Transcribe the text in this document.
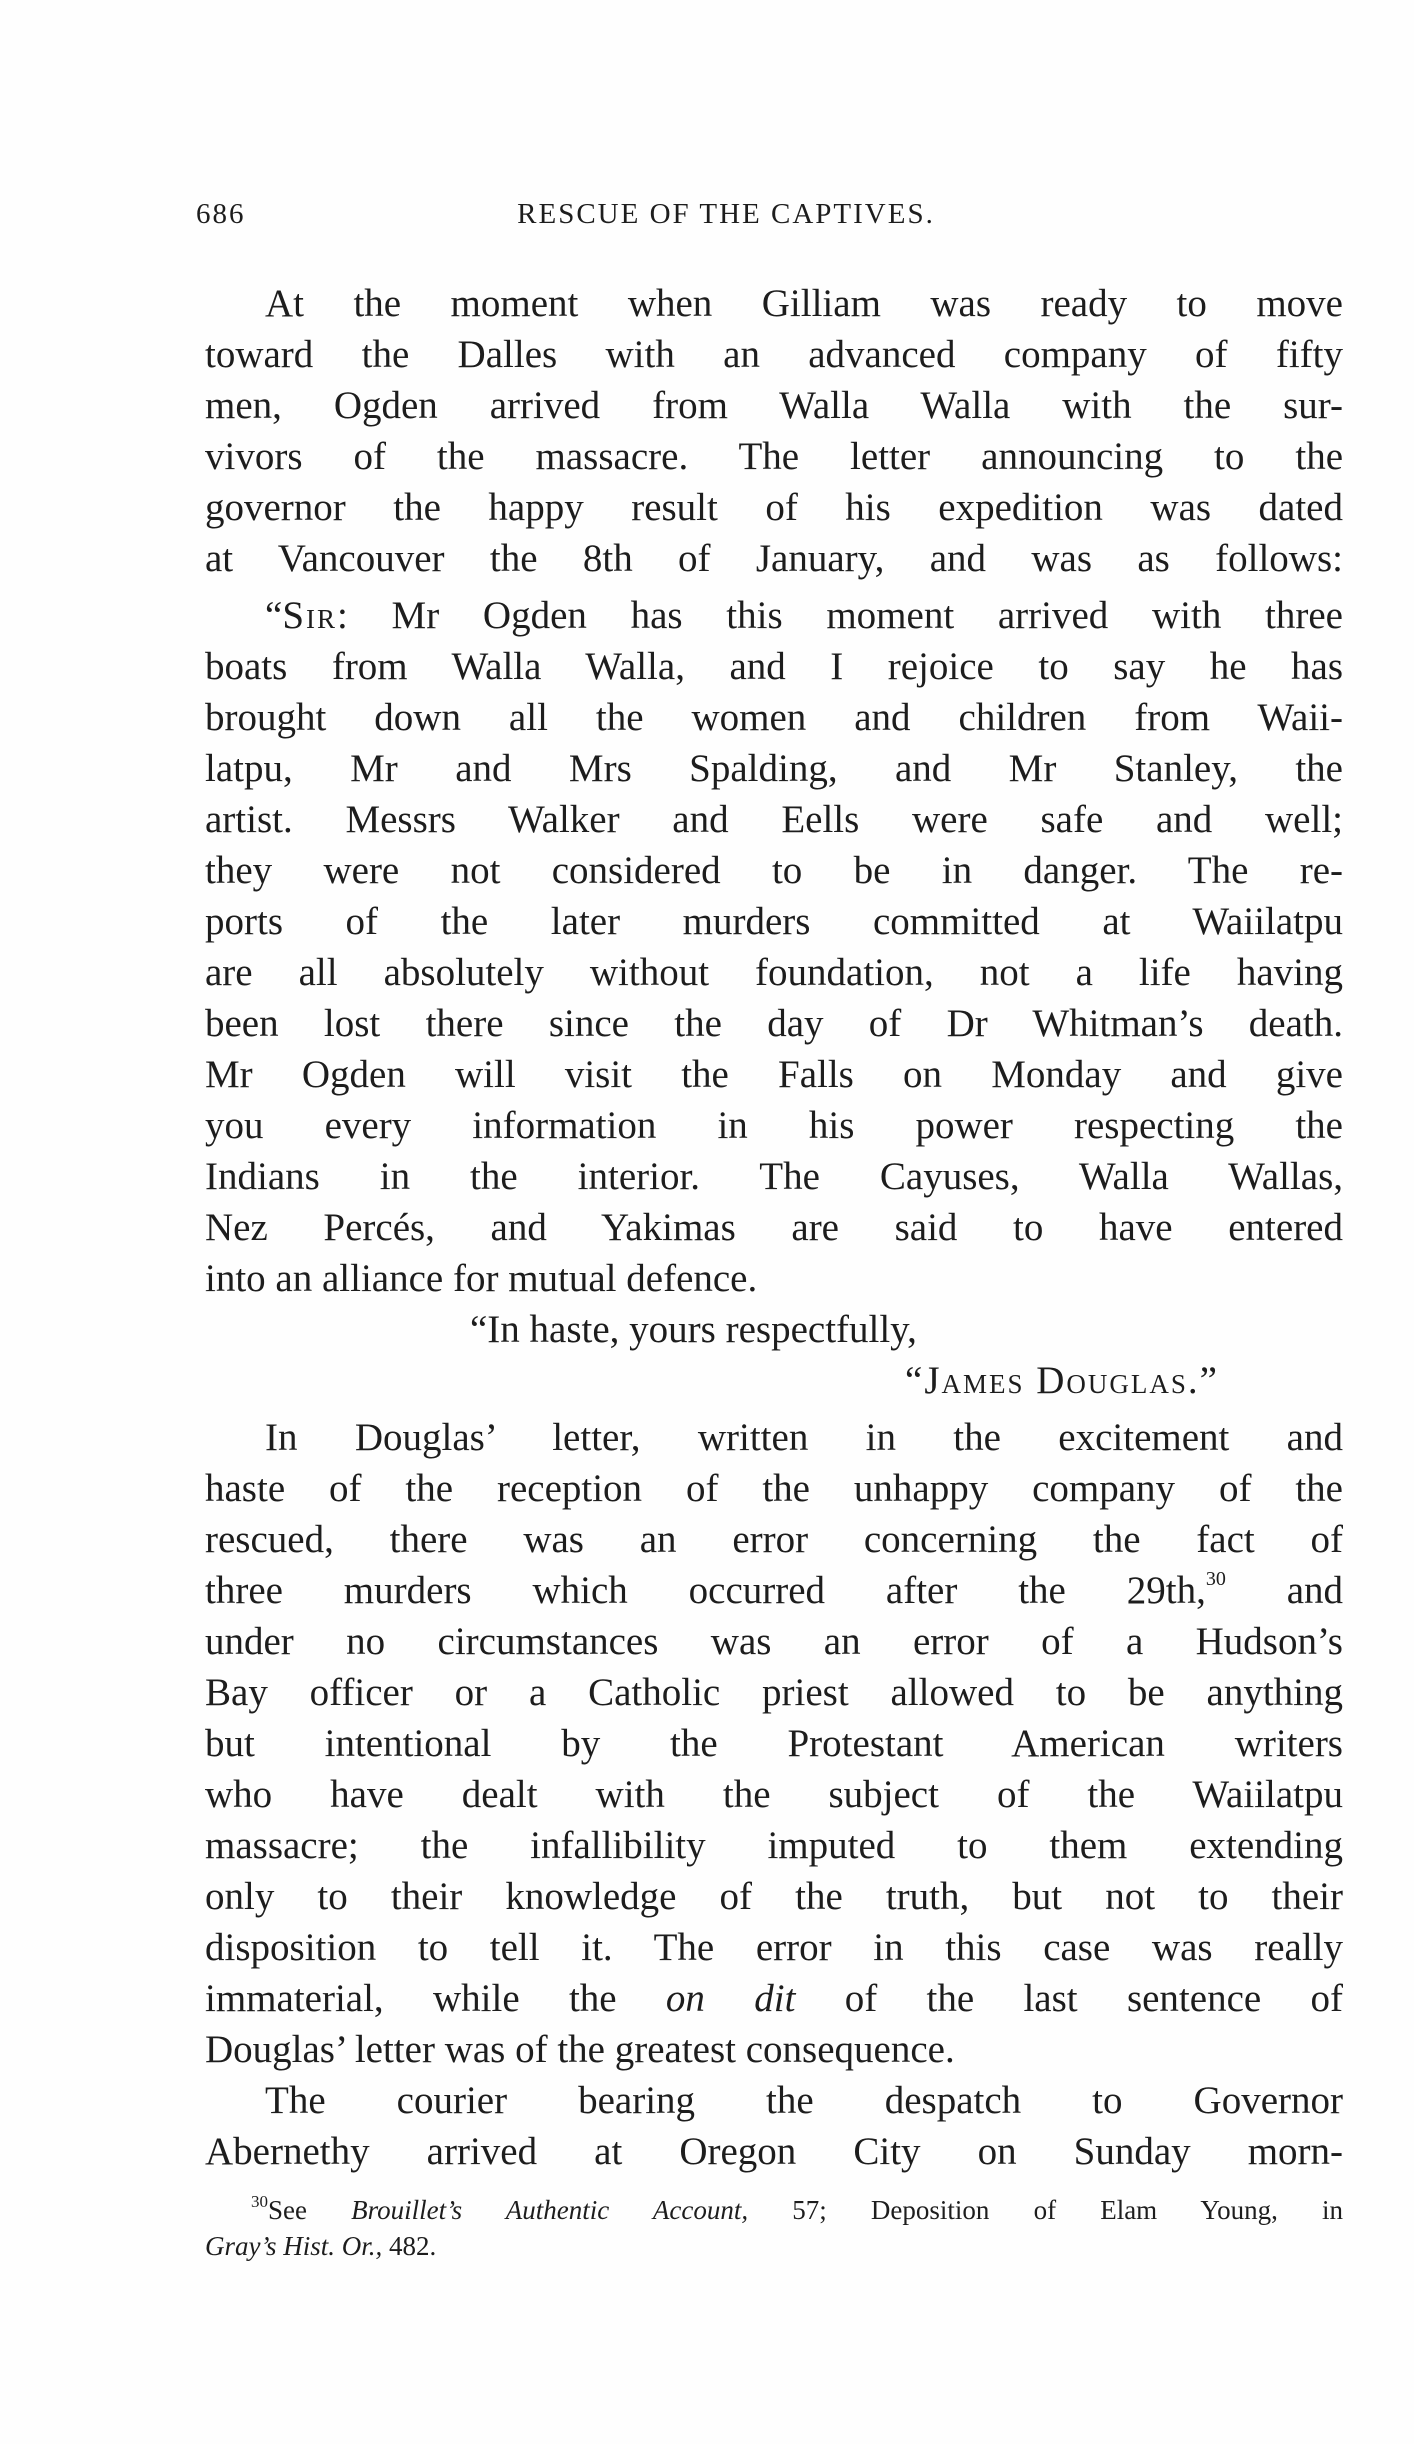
686	RESCUE OF THE CAPTIVES.
At the moment when Gilliam was ready to move
toward the Dalles with an advanced company of fifty
men, Ogden arrived from Walla Walla with the sur-
vivors of the massacre. The letter announcing to the
governor the happy result of his expedition was dated
at Vancouver the 8th of January, and was as follows:
“Sir: Mr Ogden has this moment arrived with three
boats from Walla Walla, and I rejoice to say he has
brought down all the women and children from Waii-
latpu, Mr and Mrs Spalding, and Mr Stanley, the
artist. Messrs Walker and Eells were safe and well;
they were not considered to be in danger. The re-
ports of the later murders committed at Waiilatpu
are all absolutely without foundation, not a life having
been lost there since the day of Dr Whitman’s death.
Mr Ogden will visit the Falls on Monday and give
you every information in his power respecting the
Indians in the interior. The Cayuses, Walla Wallas,
Nez Percés, and Yakimas are said to have entered
into an alliance for mutual defence.
“In haste, yours respectfully,
“James Douglas.”
In Douglas’ letter, written in the excitement and
haste of the reception of the unhappy company of the
rescued, there was an error concerning the fact of
three murders which occurred after the 29th,$^{30}$ and
under no circumstances was an error of a Hudson’s
Bay officer or a Catholic priest allowed to be anything
but intentional by the Protestant American writers
who have dealt with the subject of the Waiilatpu
massacre; the infallibility imputed to them extending
only to their knowledge of the truth, but not to their
disposition to tell it. The error in this case was really
immaterial, while the on dit of the last sentence of
Douglas’ letter was of the greatest consequence.
The courier bearing the despatch to Governor
Abernethy arrived at Oregon City on Sunday morn-
$^{30}$See Brouillet’s Authentic Account, 57; Deposition of Elam Young, in
Gray’s Hist. Or., 482.
